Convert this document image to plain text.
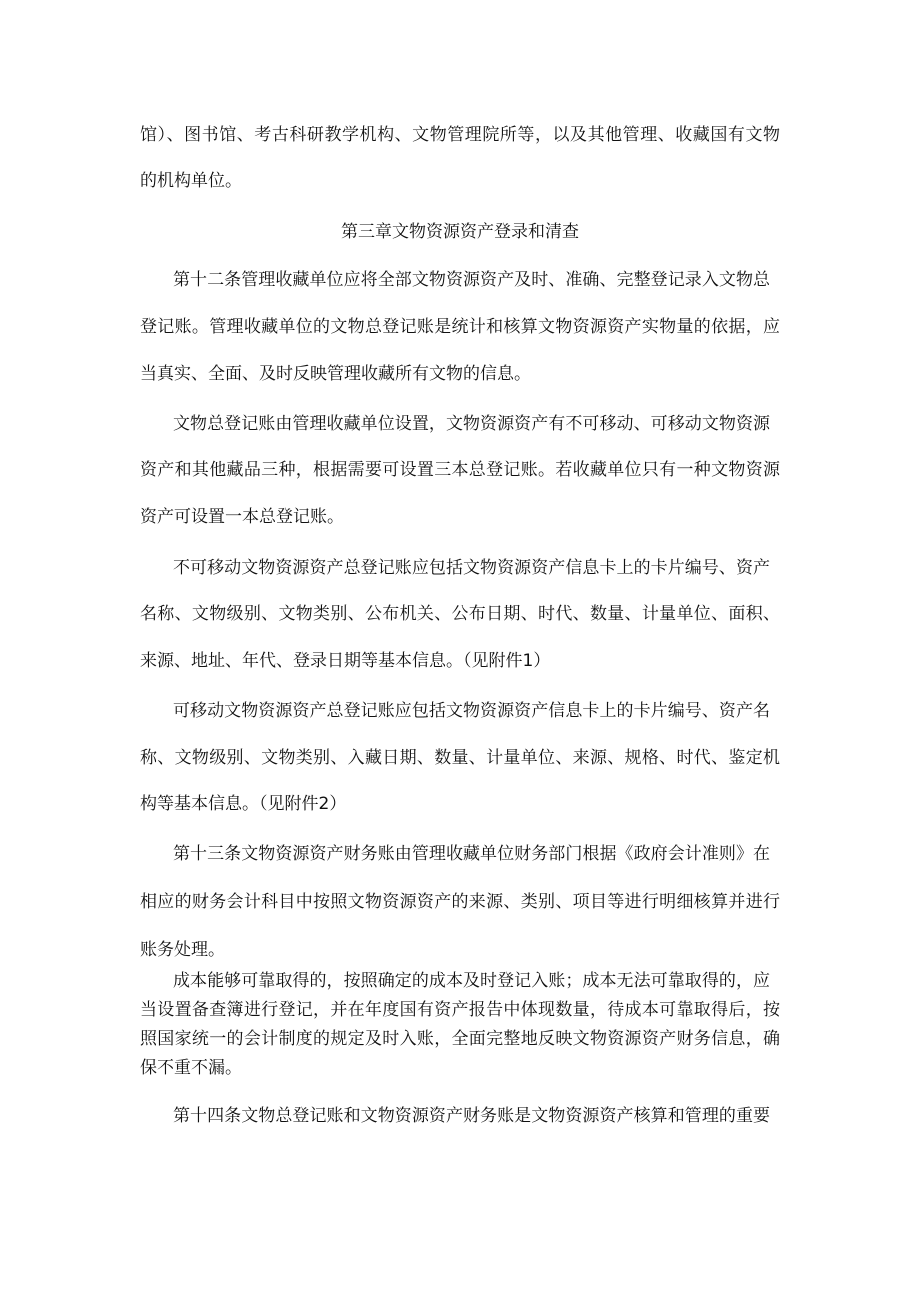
馆）、图书馆、考古科研教学机构、文物管理院所等，以及其他管理、收藏国有文物
的机构单位。
第三章文物资源资产登录和清查
第十二条管理收藏单位应将全部文物资源资产及时、准确、完整登记录入文物总
登记账。管理收藏单位的文物总登记账是统计和核算文物资源资产实物量的依据，应
当真实、全面、及时反映管理收藏所有文物的信息。
文物总登记账由管理收藏单位设置，文物资源资产有不可移动、可移动文物资源
资产和其他藏品三种，根据需要可设置三本总登记账。若收藏单位只有一种文物资源
资产可设置一本总登记账。
不可移动文物资源资产总登记账应包括文物资源资产信息卡上的卡片编号、资产
名称、文物级别、文物类别、公布机关、公布日期、时代、数量、计量单位、面积、
来源、地址、年代、登录日期等基本信息。（见附件1）
可移动文物资源资产总登记账应包括文物资源资产信息卡上的卡片编号、资产名
称、文物级别、文物类别、入藏日期、数量、计量单位、来源、规格、时代、鉴定机
构等基本信息。（见附件2）
第十三条文物资源资产财务账由管理收藏单位财务部门根据《政府会计准则》在
相应的财务会计科目中按照文物资源资产的来源、类别、项目等进行明细核算并进行
账务处理。
成本能够可靠取得的，按照确定的成本及时登记入账；成本无法可靠取得的，应
当设置备查簿进行登记，并在年度国有资产报告中体现数量，待成本可靠取得后，按
照国家统一的会计制度的规定及时入账，全面完整地反映文物资源资产财务信息，确
保不重不漏。
第十四条文物总登记账和文物资源资产财务账是文物资源资产核算和管理的重要
